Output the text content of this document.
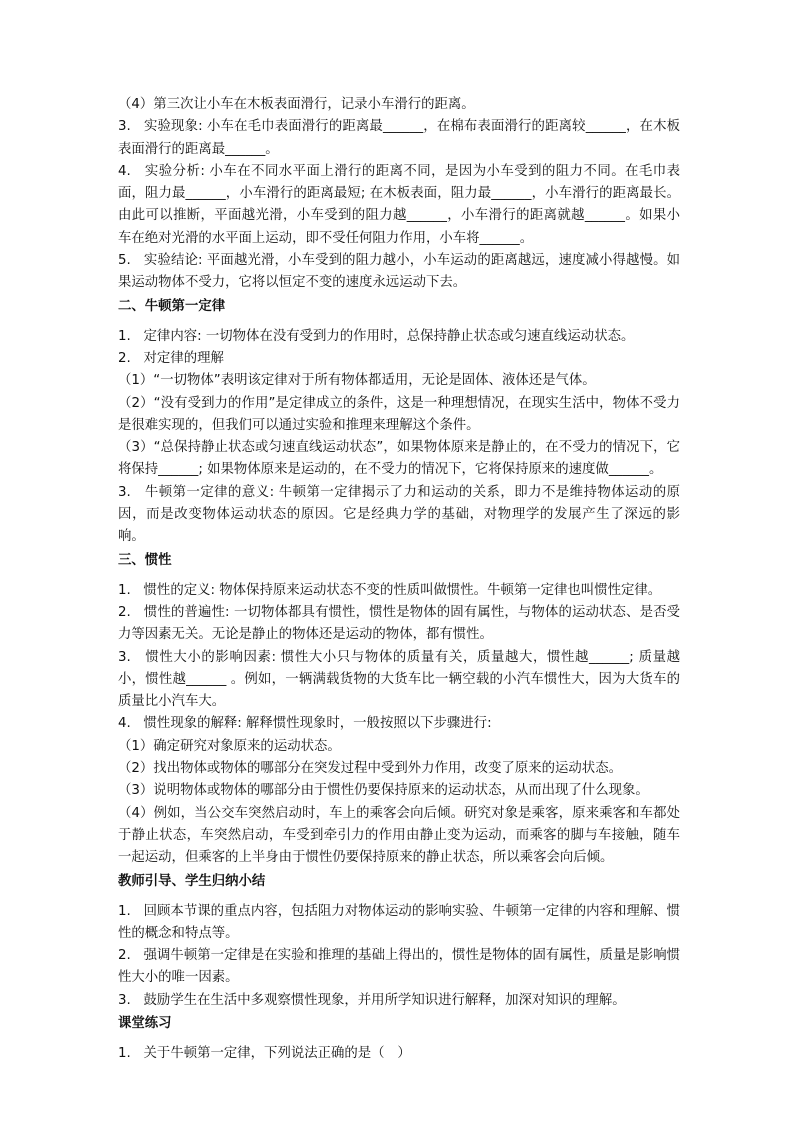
（4）第三次让小车在木板表面滑行，记录小车滑行的距离。
3.   实验现象: 小车在毛巾表面滑行的距离最______，在棉布表面滑行的距离较______，在木板表面滑行的距离最______。
4.   实验分析: 小车在不同水平面上滑行的距离不同，是因为小车受到的阻力不同。在毛巾表面，阻力最______，小车滑行的距离最短; 在木板表面，阻力最______，小车滑行的距离最长。由此可以推断，平面越光滑，小车受到的阻力越______，小车滑行的距离就越______。如果小车在绝对光滑的水平面上运动，即不受任何阻力作用，小车将______。
5.   实验结论: 平面越光滑，小车受到的阻力越小，小车运动的距离越远，速度减小得越慢。如果运动物体不受力，它将以恒定不变的速度永远运动下去。
二、牛顿第一定律
1.   定律内容: 一切物体在没有受到力的作用时，总保持静止状态或匀速直线运动状态。
2.   对定律的理解
（1）“一切物体”表明该定律对于所有物体都适用，无论是固体、液体还是气体。
（2）“没有受到力的作用”是定律成立的条件，这是一种理想情况，在现实生活中，物体不受力是很难实现的，但我们可以通过实验和推理来理解这个条件。
（3）“总保持静止状态或匀速直线运动状态”，如果物体原来是静止的，在不受力的情况下，它将保持______; 如果物体原来是运动的，在不受力的情况下，它将保持原来的速度做______。
3.   牛顿第一定律的意义: 牛顿第一定律揭示了力和运动的关系，即力不是维持物体运动的原因，而是改变物体运动状态的原因。它是经典力学的基础，对物理学的发展产生了深远的影响。
三、惯性
1.   惯性的定义: 物体保持原来运动状态不变的性质叫做惯性。牛顿第一定律也叫惯性定律。
2.   惯性的普遍性: 一切物体都具有惯性，惯性是物体的固有属性，与物体的运动状态、是否受力等因素无关。无论是静止的物体还是运动的物体，都有惯性。
3.   惯性大小的影响因素: 惯性大小只与物体的质量有关，质量越大，惯性越______; 质量越小，惯性越______ 。例如，一辆满载货物的大货车比一辆空载的小汽车惯性大，因为大货车的质量比小汽车大。
4.   惯性现象的解释: 解释惯性现象时，一般按照以下步骤进行:
（1）确定研究对象原来的运动状态。
（2）找出物体或物体的哪部分在突发过程中受到外力作用，改变了原来的运动状态。
（3）说明物体或物体的哪部分由于惯性仍要保持原来的运动状态，从而出现了什么现象。
（4）例如，当公交车突然启动时，车上的乘客会向后倾。研究对象是乘客，原来乘客和车都处于静止状态，车突然启动，车受到牵引力的作用由静止变为运动，而乘客的脚与车接触，随车一起运动，但乘客的上半身由于惯性仍要保持原来的静止状态，所以乘客会向后倾。
教师引导、学生归纳小结
1.   回顾本节课的重点内容，包括阻力对物体运动的影响实验、牛顿第一定律的内容和理解、惯性的概念和特点等。
2.   强调牛顿第一定律是在实验和推理的基础上得出的，惯性是物体的固有属性，质量是影响惯性大小的唯一因素。
3.   鼓励学生在生活中多观察惯性现象，并用所学知识进行解释，加深对知识的理解。
课堂练习
1.   关于牛顿第一定律，下列说法正确的是（   ）
